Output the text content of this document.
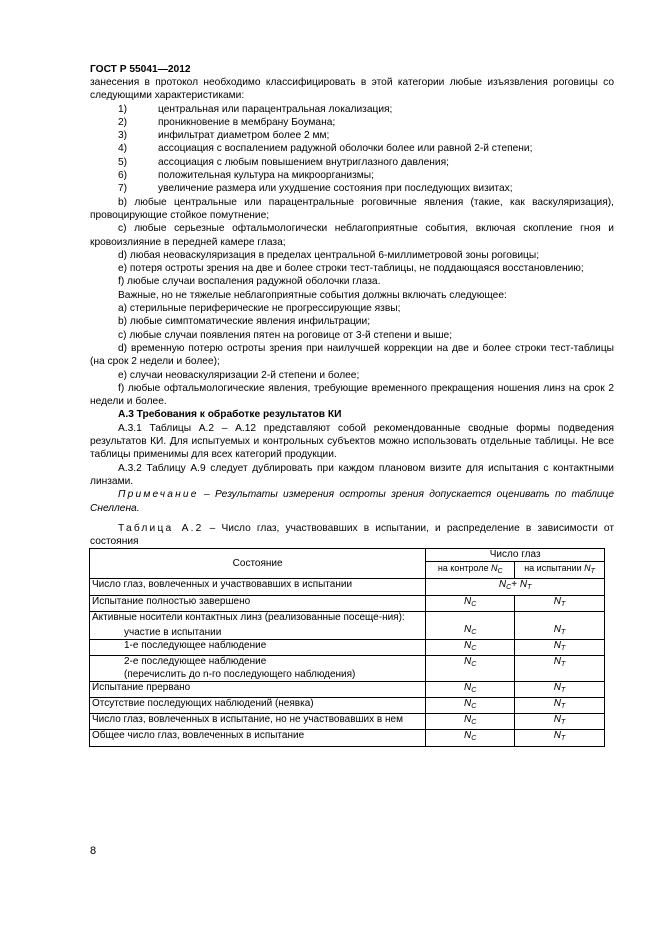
ГОСТ Р 55041—2012

занесения в протокол необходимо классифицировать в этой категории любые изъязвления роговицы со следующими характеристиками:

1)	центральная или парацентральная локализация;
2)	проникновение в мембрану Боумана;
3)	инфильтрат диаметром более 2 мм;
4)	ассоциация с воспалением радужной оболочки более или равной 2-й степени;
5)	ассоциация с любым повышением внутриглазного давления;
6)	положительная культура на микроорганизмы;
7)	увеличение размера или ухудшение состояния при последующих визитах;

b) любые центральные или парацентральные роговичные явления (такие, как васкуляризация), провоцирующие стойкое помутнение;

c) любые серьезные офтальмологически неблагоприятные события, включая скопление гноя и кровоизлияние в передней камере глаза;

d) любая неоваскуляризация в пределах центральной 6-миллиметровой зоны роговицы;

e) потеря остроты зрения на две и более строки тест-таблицы, не поддающаяся восстановлению;

f) любые случаи воспаления радужной оболочки глаза.

Важные, но не тяжелые неблагоприятные события должны включать следующее:

a) стерильные периферические не прогрессирующие язвы;

b) любые симптоматические явления инфильтрации;

c) любые случаи появления пятен на роговице от 3-й степени и выше;

d) временную потерю остроты зрения при наилучшей коррекции на две и более строки тест-таблицы (на срок 2 недели и более);

e) случаи неоваскуляризации 2-й степени и более;

f) любые офтальмологические явления, требующие временного прекращения ношения линз на срок 2 недели и более.

А.3 Требования к обработке результатов КИ

А.3.1 Таблицы А.2 – А.12 представляют собой рекомендованные сводные формы подведения результатов КИ. Для испытуемых и контрольных субъектов можно использовать отдельные таблицы. Не все таблицы применимы для всех категорий продукции.

А.3.2 Таблицу А.9 следует дублировать при каждом плановом визите для испытания с контактными линзами.

Примечание – Результаты измерения остроты зрения допускается оценивать по таблице Снеллена.

Таблица А.2 – Число глаз, участвовавших в испытании, и распределение в зависимости от состояния

Состояние	Число глаз	
	на контроле $N_C$	на испытании $N_T$
Число глаз, вовлеченных и участвовавших в испытании	$N_C+ N_T$
Испытание полностью завершено	$N_C$	$N_T$

Активные носители контактных линз (реализованные посеще-ния):
участие в испытании	$N_C$	$N_T$
1-е последующее наблюдение	$N_C$	$N_T$

2-е последующее наблюдение
(перечислить до n-го последующего наблюдения)	$N_C$	$N_T$
Испытание прервано	$N_C$	$N_T$
Отсутствие последующих наблюдений (неявка)	$N_C$	$N_T$
Число глаз, вовлеченных в испытание, но не участвовавших в нем	$N_C$	$N_T$
Общее число глаз, вовлеченных в испытание	$N_C$	$N_T$
8
